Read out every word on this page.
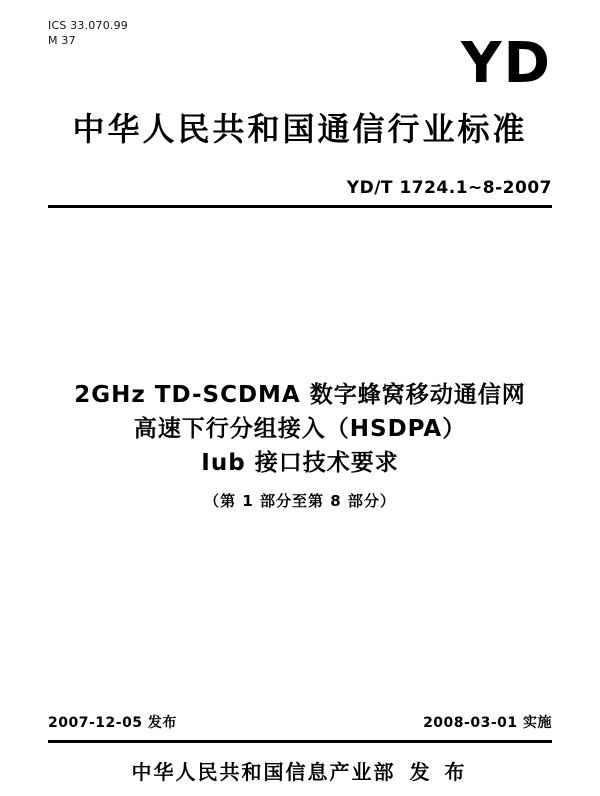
ICS 33.070.99
M 37	YD
中华人民共和国通信行业标准
YD/T 1724.1~8-2007
2GHz TD-SCDMA 数字蜂窝移动通信网
高速下行分组接入（HSDPA）
Iub 接口技术要求
（第 1 部分至第 8 部分）
2007-12-05 发布	2008-03-01 实施
中华人民共和国信息产业部 发 布
